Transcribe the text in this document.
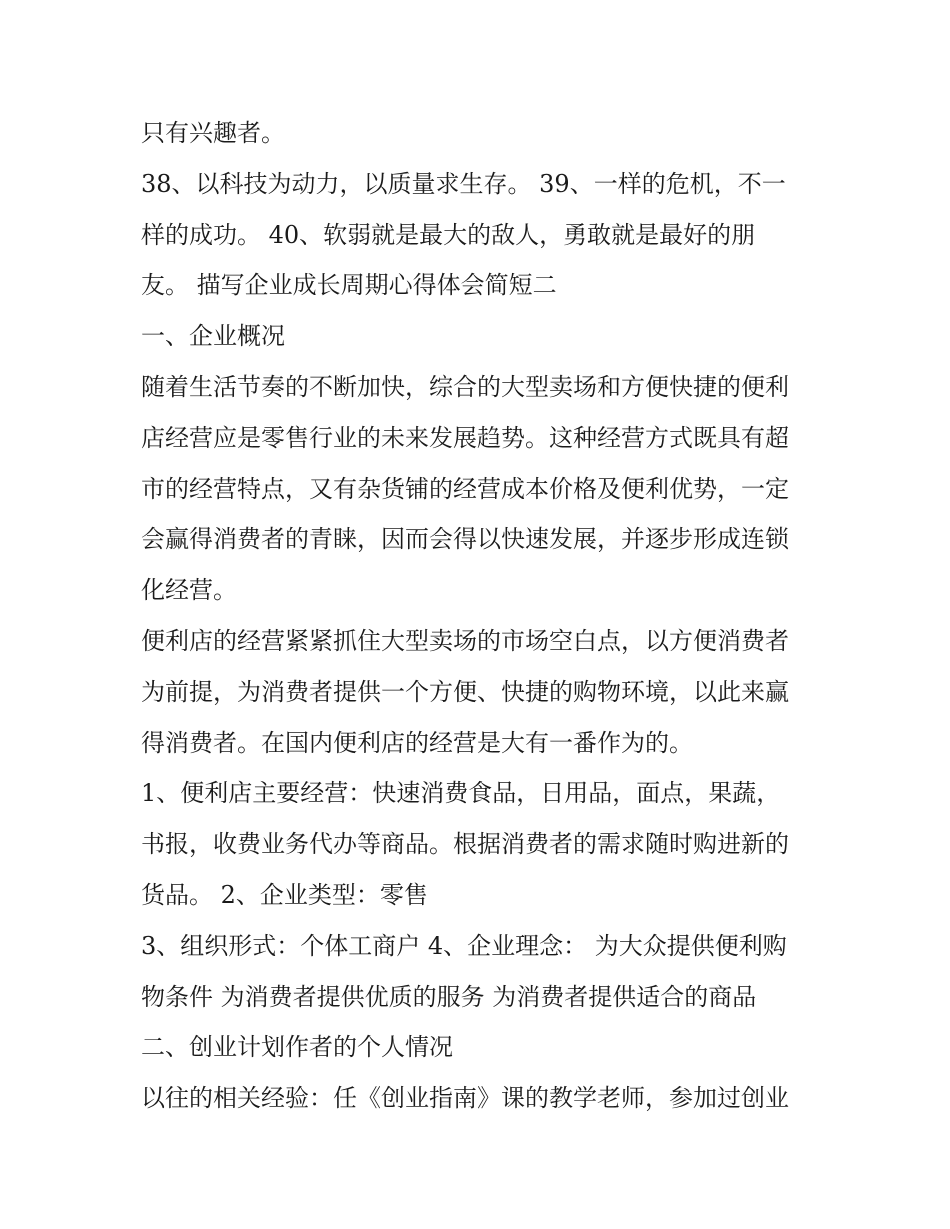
只有兴趣者。
38、以科技为动力，以质量求生存。 39、一样的危机，不一
样的成功。 40、软弱就是最大的敌人，勇敢就是最好的朋
友。 描写企业成长周期心得体会简短二
一、企业概况
随着生活节奏的不断加快，综合的大型卖场和方便快捷的便利
店经营应是零售行业的未来发展趋势。这种经营方式既具有超
市的经营特点，又有杂货铺的经营成本价格及便利优势，一定
会赢得消费者的青睐，因而会得以快速发展，并逐步形成连锁
化经营。
便利店的经营紧紧抓住大型卖场的市场空白点，以方便消费者
为前提，为消费者提供一个方便、快捷的购物环境，以此来赢
得消费者。在国内便利店的经营是大有一番作为的。
1、便利店主要经营：快速消费食品，日用品，面点，果蔬，
书报，收费业务代办等商品。根据消费者的需求随时购进新的
货品。 2、企业类型：零售
3、组织形式：个体工商户 4、企业理念： 为大众提供便利购
物条件 为消费者提供优质的服务 为消费者提供适合的商品
二、创业计划作者的个人情况
以往的相关经验：任《创业指南》课的教学老师，参加过创业
